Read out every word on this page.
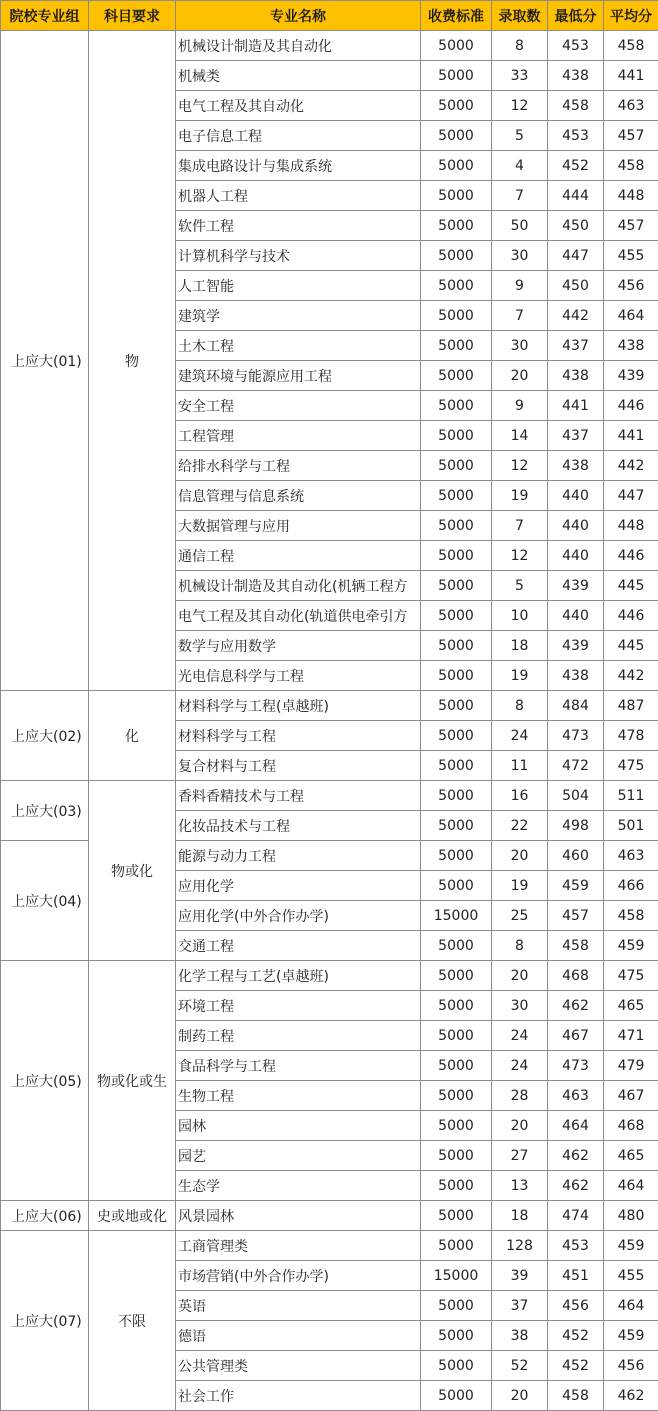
院校专业组	科目要求	专业名称	收费标准	录取数	最低分	平均分
上应大(01)	物	机械设计制造及其自动化	5000	8	453	458
		机械类	5000	33	438	441
		电气工程及其自动化	5000	12	458	463
		电子信息工程	5000	5	453	457
		集成电路设计与集成系统	5000	4	452	458
		机器人工程	5000	7	444	448
		软件工程	5000	50	450	457
		计算机科学与技术	5000	30	447	455
		人工智能	5000	9	450	456
		建筑学	5000	7	442	464
		土木工程	5000	30	437	438
		建筑环境与能源应用工程	5000	20	438	439
		安全工程	5000	9	441	446
		工程管理	5000	14	437	441
		给排水科学与工程	5000	12	438	442
		信息管理与信息系统	5000	19	440	447
		大数据管理与应用	5000	7	440	448
		通信工程	5000	12	440	446
		机械设计制造及其自动化(机辆工程方	5000	5	439	445
		电气工程及其自动化(轨道供电牵引方	5000	10	440	446
		数学与应用数学	5000	18	439	445
		光电信息科学与工程	5000	19	438	442
上应大(02)	化	材料科学与工程(卓越班)	5000	8	484	487
		材料科学与工程	5000	24	473	478
		复合材料与工程	5000	11	472	475
上应大(03)	物或化	香料香精技术与工程	5000	16	504	511
		化妆品技术与工程	5000	22	498	501
上应大(04)		能源与动力工程	5000	20	460	463
		应用化学	5000	19	459	466
		应用化学(中外合作办学)	15000	25	457	458
		交通工程	5000	8	458	459
上应大(05)	物或化或生	化学工程与工艺(卓越班)	5000	20	468	475
		环境工程	5000	30	462	465
		制药工程	5000	24	467	471
		食品科学与工程	5000	24	473	479
		生物工程	5000	28	463	467
		园林	5000	20	464	468
		园艺	5000	27	462	465
		生态学	5000	13	462	464
上应大(06)	史或地或化	风景园林	5000	18	474	480
上应大(07)	不限	工商管理类	5000	128	453	459
		市场营销(中外合作办学)	15000	39	451	455
		英语	5000	37	456	464
		德语	5000	38	452	459
		公共管理类	5000	52	452	456
		社会工作	5000	20	458	462
